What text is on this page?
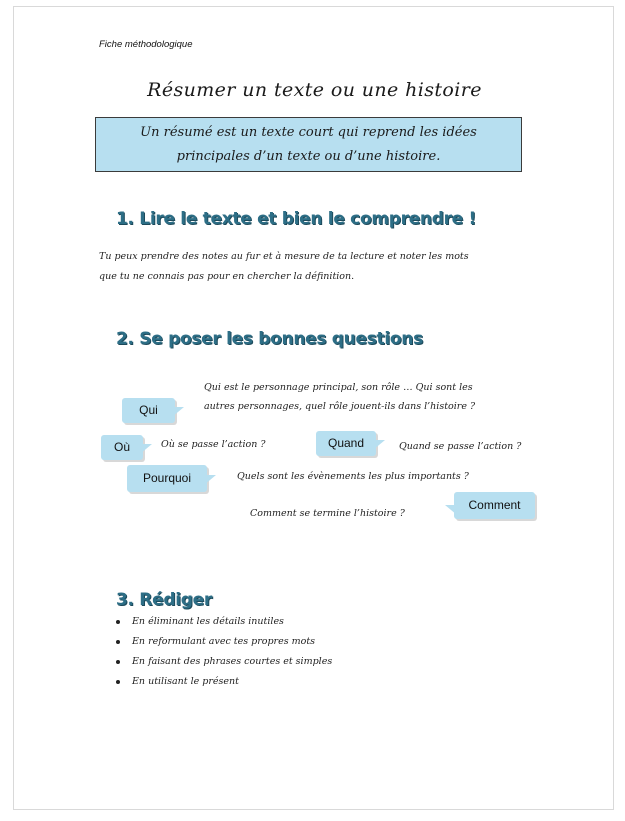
Fiche méthodologique
Résumer un texte ou une histoire
Un résumé est un texte court qui reprend les idées
principales d’un texte ou d’une histoire.
1. Lire le texte et bien le comprendre !
Tu peux prendre des notes au fur et à mesure de ta lecture et noter les mots
que tu ne connais pas pour en chercher la définition.
2. Se poser les bonnes questions
Qui
Qui est le personnage principal, son rôle … Qui sont les
autres personnages, quel rôle jouent-ils dans l’histoire ?
Où	Où se passe l’action ?	Quand	Quand se passe l’action ?
Pourquoi	Quels sont les évènements les plus importants ?
Comment se termine l’histoire ?
Comment
3. Rédiger
En éliminant les détails inutiles
En reformulant avec tes propres mots
En faisant des phrases courtes et simples
En utilisant le présent
